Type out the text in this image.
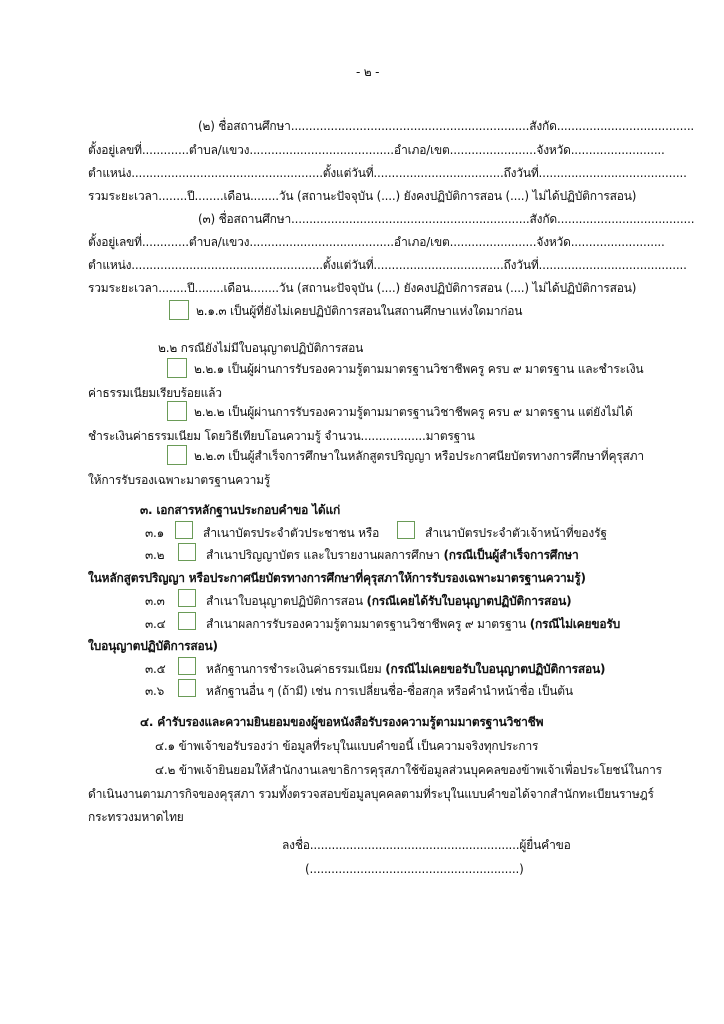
- ๒ -
(๒) ชื่อสถานศึกษา..................................................................สังกัด......................................
ตั้งอยู่เลขที่.............ตำบล/แขวง........................................อำเภอ/เขต........................จังหวัด..........................
ตำแหน่ง.....................................................ตั้งแต่วันที่....................................ถึงวันที่.........................................
รวมระยะเวลา........ปี........เดือน........วัน (สถานะปัจจุบัน (....) ยังคงปฏิบัติการสอน (....) ไม่ได้ปฏิบัติการสอน)
(๓) ชื่อสถานศึกษา..................................................................สังกัด......................................
ตั้งอยู่เลขที่.............ตำบล/แขวง........................................อำเภอ/เขต........................จังหวัด..........................
ตำแหน่ง.....................................................ตั้งแต่วันที่....................................ถึงวันที่.........................................
รวมระยะเวลา........ปี........เดือน........วัน (สถานะปัจจุบัน (....) ยังคงปฏิบัติการสอน (....) ไม่ได้ปฏิบัติการสอน)
๒.๑.๓ เป็นผู้ที่ยังไม่เคยปฏิบัติการสอนในสถานศึกษาแห่งใดมาก่อน
๒.๒ กรณียังไม่มีใบอนุญาตปฏิบัติการสอน
๒.๒.๑ เป็นผู้ผ่านการรับรองความรู้ตามมาตรฐานวิชาชีพครู ครบ ๙ มาตรฐาน และชำระเงิน
ค่าธรรมเนียมเรียบร้อยแล้ว
๒.๒.๒ เป็นผู้ผ่านการรับรองความรู้ตามมาตรฐานวิชาชีพครู ครบ ๙ มาตรฐาน แต่ยังไม่ได้
ชำระเงินค่าธรรมเนียม โดยวิธีเทียบโอนความรู้ จำนวน..................มาตรฐาน
๒.๒.๓ เป็นผู้สำเร็จการศึกษาในหลักสูตรปริญญา หรือประกาศนียบัตรทางการศึกษาที่คุรุสภา
ให้การรับรองเฉพาะมาตรฐานความรู้
๓. เอกสารหลักฐานประกอบคำขอ ได้แก่
๓.๑	สำเนาบัตรประจำตัวประชาชน หรือ	สำเนาบัตรประจำตัวเจ้าหน้าที่ของรัฐ
๓.๒	สำเนาปริญญาบัตร และใบรายงานผลการศึกษา (กรณีเป็นผู้สำเร็จการศึกษา
ในหลักสูตรปริญญา หรือประกาศนียบัตรทางการศึกษาที่คุรุสภาให้การรับรองเฉพาะมาตรฐานความรู้)
๓.๓	สำเนาใบอนุญาตปฏิบัติการสอน (กรณีเคยได้รับใบอนุญาตปฏิบัติการสอน)
๓.๔	สำเนาผลการรับรองความรู้ตามมาตรฐานวิชาชีพครู ๙ มาตรฐาน (กรณีไม่เคยขอรับ
ใบอนุญาตปฏิบัติการสอน)
๓.๕	หลักฐานการชำระเงินค่าธรรมเนียม (กรณีไม่เคยขอรับใบอนุญาตปฏิบัติการสอน)
๓.๖	หลักฐานอื่น ๆ (ถ้ามี) เช่น การเปลี่ยนชื่อ-ชื่อสกุล หรือคำนำหน้าชื่อ เป็นต้น
๔. คำรับรองและความยินยอมของผู้ขอหนังสือรับรองความรู้ตามมาตรฐานวิชาชีพ
๔.๑ ข้าพเจ้าขอรับรองว่า ข้อมูลที่ระบุในแบบคำขอนี้ เป็นความจริงทุกประการ
๔.๒ ข้าพเจ้ายินยอมให้สำนักงานเลขาธิการคุรุสภาใช้ข้อมูลส่วนบุคคลของข้าพเจ้าเพื่อประโยชน์ในการ
ดำเนินงานตามภารกิจของคุรุสภา รวมทั้งตรวจสอบข้อมูลบุคคลตามที่ระบุในแบบคำขอได้จากสำนักทะเบียนราษฎร์
กระทรวงมหาดไทย
ลงชื่อ..........................................................ผู้ยื่นคำขอ
(..........................................................)
